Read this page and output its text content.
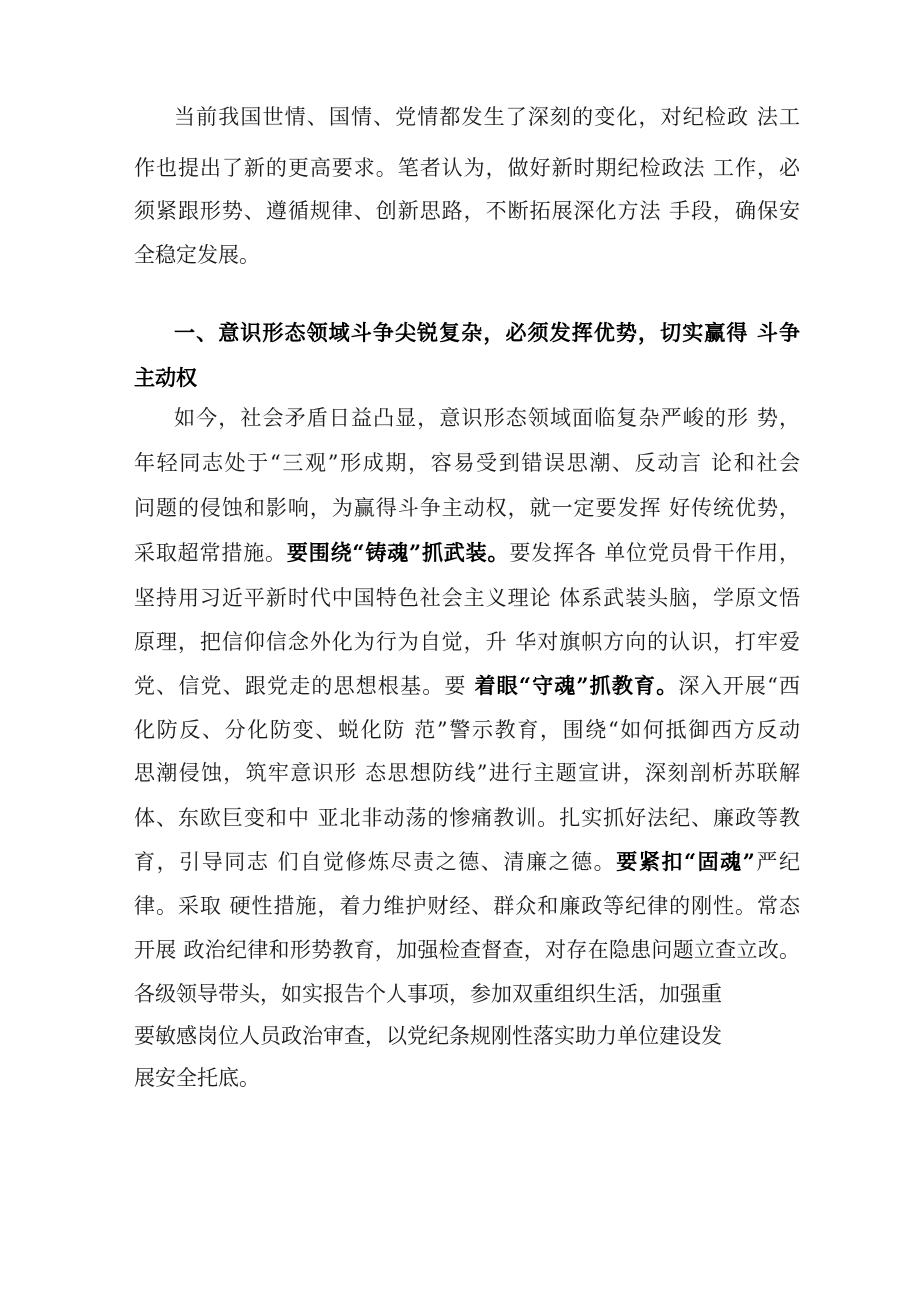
当前我国世情、国情、党情都发生了深刻的变化，对纪检政 法工
作也提出了新的更高要求。笔者认为，做好新时期纪检政法 工作，必
须紧跟形势、遵循规律、创新思路，不断拓展深化方法 手段，确保安
全稳定发展。
一、意识形态领域斗争尖锐复杂，必须发挥优势，切实赢得 斗争
主动权
如今，社会矛盾日益凸显，意识形态领域面临复杂严峻的形 势，
年轻同志处于“三观”形成期，容易受到错误思潮、反动言 论和社会
问题的侵蚀和影响，为赢得斗争主动权，就一定要发挥 好传统优势，
采取超常措施。要围绕“铸魂”抓武装。要发挥各 单位党员骨干作用，
坚持用习近平新时代中国特色社会主义理论 体系武装头脑，学原文悟
原理，把信仰信念外化为行为自觉，升 华对旗帜方向的认识，打牢爱
党、信党、跟党走的思想根基。要 着眼“守魂”抓教育。深入开展“西
化防反、分化防变、蜕化防 范”警示教育，围绕“如何抵御西方反动
思潮侵蚀，筑牢意识形 态思想防线”进行主题宣讲，深刻剖析苏联解
体、东欧巨变和中 亚北非动荡的惨痛教训。扎实抓好法纪、廉政等教
育，引导同志 们自觉修炼尽责之德、清廉之德。要紧扣“固魂”严纪
律。采取 硬性措施，着力维护财经、群众和廉政等纪律的刚性。常态
开展 政治纪律和形势教育，加强检查督查，对存在隐患问题立查立改。
各级领导带头，如实报告个人事项，参加双重组织生活，加强重
要敏感岗位人员政治审查，以党纪条规刚性落实助力单位建设发
展安全托底。
